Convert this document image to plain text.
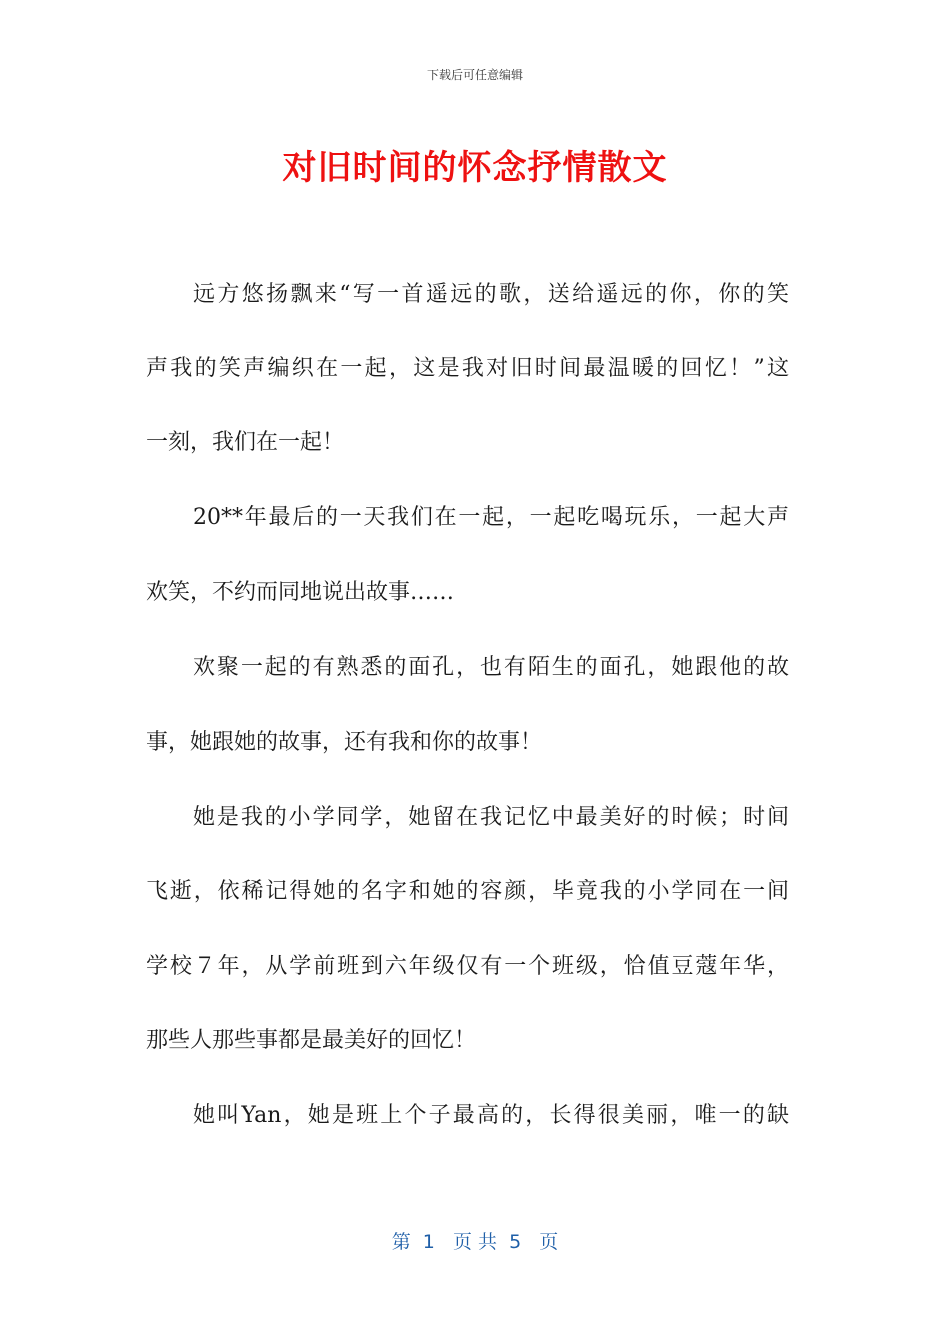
下载后可任意编辑
对旧时间的怀念抒情散文
远方悠扬飘来“写一首遥远的歌，送给遥远的你，你的笑
声我的笑声编织在一起，这是我对旧时间最温暖的回忆！”这
一刻，我们在一起！
20**年最后的一天我们在一起，一起吃喝玩乐，一起大声
欢笑，不约而同地说出故事……
欢聚一起的有熟悉的面孔，也有陌生的面孔，她跟他的故
事，她跟她的故事，还有我和你的故事！
她是我的小学同学，她留在我记忆中最美好的时候；时间
飞逝，依稀记得她的名字和她的容颜，毕竟我的小学同在一间
学校７年，从学前班到六年级仅有一个班级，恰值豆蔻年华，
那些人那些事都是最美好的回忆！
她叫Yan，她是班上个子最高的，长得很美丽，唯一的缺
第  1   页 共  5   页
